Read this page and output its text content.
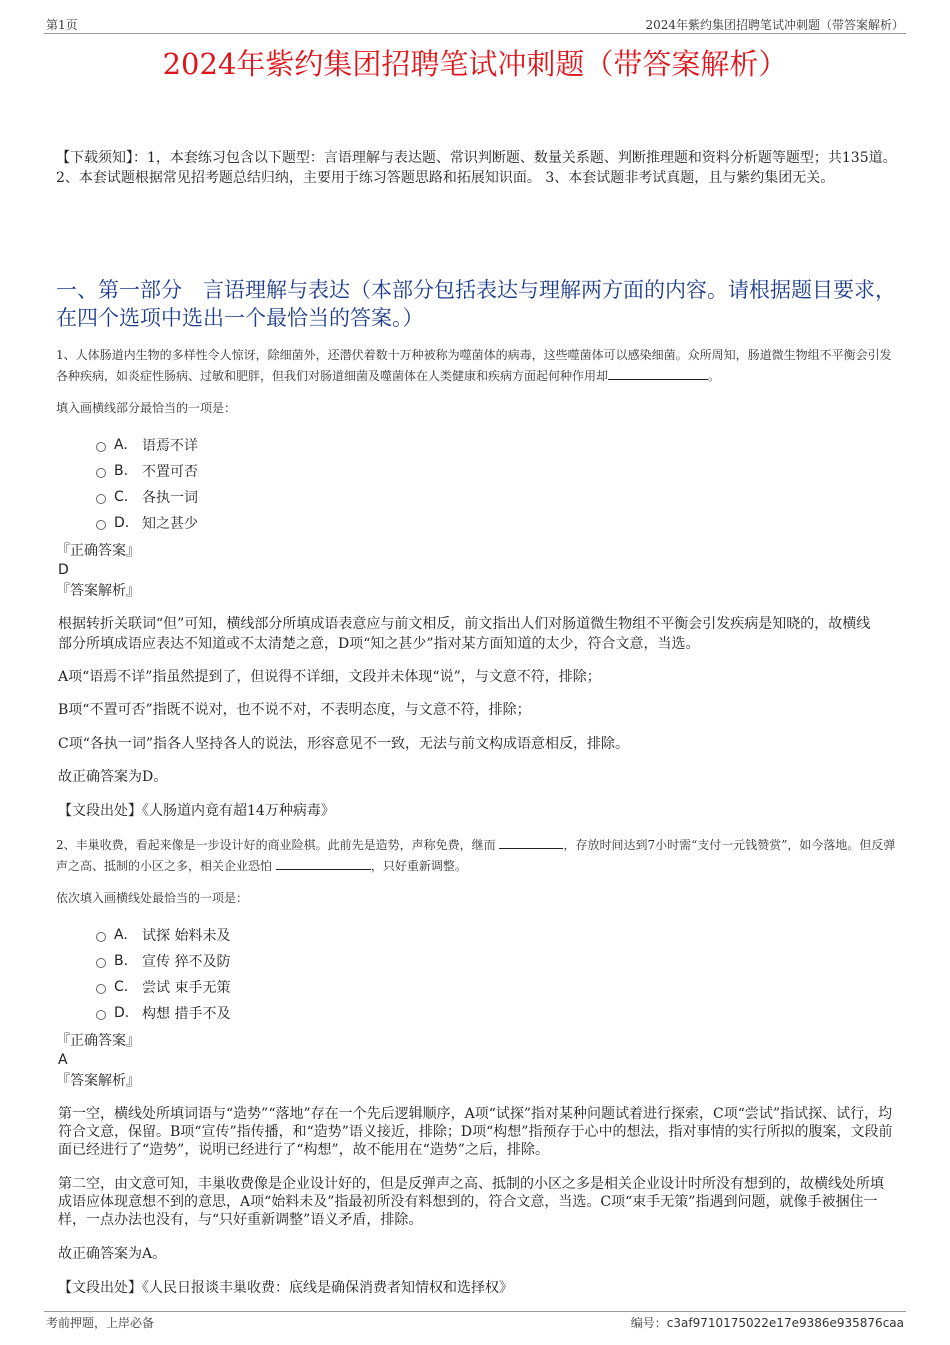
第1页	2024年紫约集团招聘笔试冲刺题（带答案解析）
2024年紫约集团招聘笔试冲刺题（带答案解析）
【下载须知】：1，本套练习包含以下题型：言语理解与表达题、常识判断题、数量关系题、判断推理题和资料分析题等题型；共135道。 2、本套试题根据常见招考题总结归纳，主要用于练习答题思路和拓展知识面。 3、本套试题非考试真题，且与紫约集团无关。
一、第一部分　言语理解与表达（本部分包括表达与理解两方面的内容。请根据题目要求，在四个选项中选出一个最恰当的答案。）
1、人体肠道内生物的多样性令人惊讶，除细菌外，还潜伏着数十万种被称为噬菌体的病毒，这些噬菌体可以感染细菌。众所周知，肠道微生物组不平衡会引发各种疾病，如炎症性肠病、过敏和肥胖，但我们对肠道细菌及噬菌体在人类健康和疾病方面起何种作用却	。
填入画横线部分最恰当的一项是：
A.	语焉不详
B. 不置可否
C. 各执一词
D. 知之甚少
『正确答案』
D
『答案解析』
根据转折关联词“但”可知，横线部分所填成语表意应与前文相反，前文指出人们对肠道微生物组不平衡会引发疾病是知晓的，故横线部分所填成语应表达不知道或不太清楚之意，D项“知之甚少”指对某方面知道的太少，符合文意，当选。
A项“语焉不详”指虽然提到了，但说得不详细，文段并未体现“说”，与文意不符，排除；
B项“不置可否”指既不说对，也不说不对，不表明态度，与文意不符，排除；
C项“各执一词”指各人坚持各人的说法，形容意见不一致，无法与前文构成语意相反，排除。
故正确答案为D。
【文段出处】《人肠道内竟有超14万种病毒》
2、丰巢收费，看起来像是一步设计好的商业险棋。此前先是造势，声称免费，继而	，存放时间达到7小时需“支付一元钱赞赏”，如今落地。但反弹声之高、抵制的小区之多，相关企业恐怕	，只好重新调整。
依次填入画横线处最恰当的一项是：
A.	试探 始料未及
B. 宣传 猝不及防
C. 尝试 束手无策
D. 构想 措手不及
『正确答案』
A
『答案解析』
第一空，横线处所填词语与“造势”“落地”存在一个先后逻辑顺序，A项“试探”指对某种问题试着进行探索，C项“尝试”指试探、试行，均符合文意，保留。B项“宣传”指传播，和“造势”语义接近，排除；D项“构想”指预存于心中的想法，指对事情的实行所拟的腹案，文段前面已经进行了“造势”，说明已经进行了“构想”，故不能用在“造势”之后，排除。
第二空，由文意可知，丰巢收费像是企业设计好的，但是反弹声之高、抵制的小区之多是相关企业设计时所没有想到的，故横线处所填成语应体现意想不到的意思，A项“始料未及”指最初所没有料想到的，符合文意，当选。C项“束手无策”指遇到问题，就像手被捆住一样，一点办法也没有，与“只好重新调整”语义矛盾，排除。
故正确答案为A。
【文段出处】《人民日报谈丰巢收费：底线是确保消费者知情权和选择权》
考前押题，上岸必备	编号：c3af9710175022e17e9386e935876caa
